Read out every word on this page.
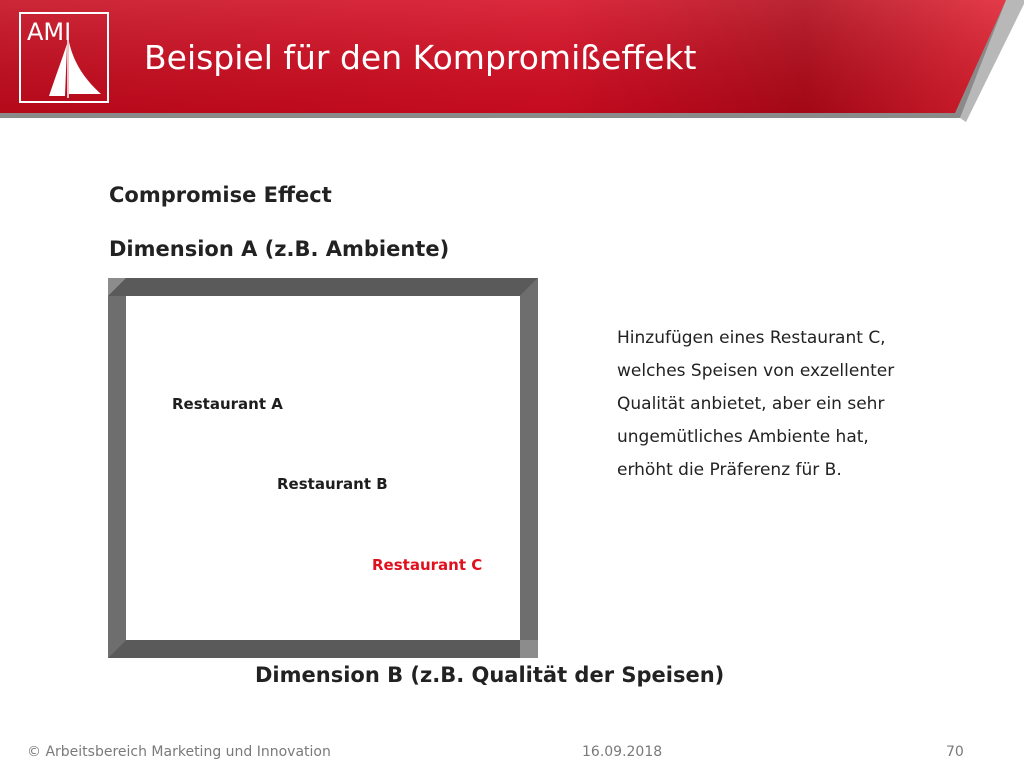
AMI
Beispiel für den Kompromißeffekt
Compromise Effect
Dimension A (z.B. Ambiente)
Restaurant A
Restaurant B
Restaurant C
Hinzufügen eines Restaurant C,
welches Speisen von exzellenter
Qualität anbietet, aber ein sehr
ungemütliches Ambiente hat,
erhöht die Präferenz für B.
Dimension B (z.B. Qualität der Speisen)
© Arbeitsbereich Marketing und Innovation	16.09.2018	70
